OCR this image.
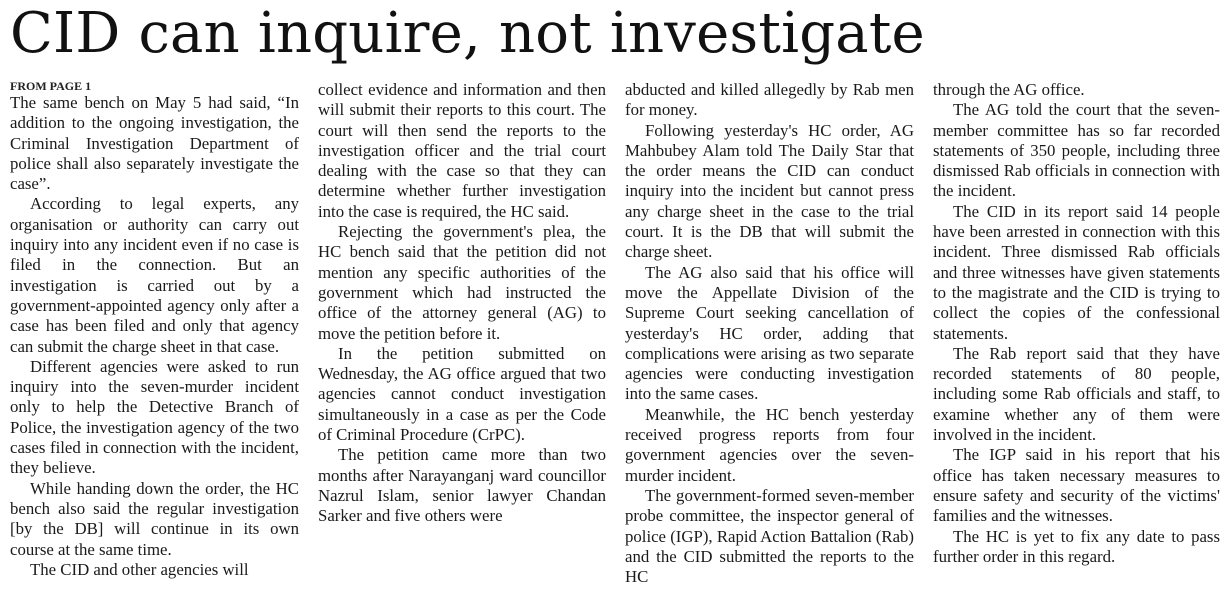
CID can inquire, not investigate
FROM PAGE 1

The same bench on May 5 had said, “In addition to the ongoing investigation, the Criminal Investigation Department of police shall also separately investigate the case”.

According to legal experts, any organisation or authority can carry out inquiry into any incident even if no case is filed in the connection. But an investigation is carried out by a government-appointed agency only after a case has been filed and only that agency can submit the charge sheet in that case.

Different agencies were asked to run inquiry into the seven-murder incident only to help the Detective Branch of Police, the investigation agency of the two cases filed in connection with the incident, they believe.

While handing down the order, the HC bench also said the regular investigation [by the DB] will continue in its own course at the same time.

The CID and other agencies will

collect evidence and information and then will submit their reports to this court. The court will then send the reports to the investigation officer and the trial court dealing with the case so that they can determine whether further investigation into the case is required, the HC said.

Rejecting the government's plea, the HC bench said that the petition did not mention any specific authorities of the government which had instructed the office of the attorney general (AG) to move the petition before it.

In the petition submitted on Wednesday, the AG office argued that two agencies cannot conduct investigation simultaneously in a case as per the Code of Criminal Procedure (CrPC).

The petition came more than two months after Narayanganj ward councillor Nazrul Islam, senior lawyer Chandan Sarker and five others were

abducted and killed allegedly by Rab men for money.

Following yesterday's HC order, AG Mahbubey Alam told The Daily Star that the order means the CID can conduct inquiry into the incident but cannot press any charge sheet in the case to the trial court. It is the DB that will submit the charge sheet.

The AG also said that his office will move the Appellate Division of the Supreme Court seeking cancellation of yesterday's HC order, adding that complications were arising as two separate agencies were conducting investigation into the same cases.

Meanwhile, the HC bench yesterday received progress reports from four government agencies over the seven-murder incident.

The government-formed seven-member probe committee, the inspector general of police (IGP), Rapid Action Battalion (Rab) and the CID submitted the reports to the HC

through the AG office.

The AG told the court that the seven-member committee has so far recorded statements of 350 people, including three dismissed Rab officials in connection with the incident.

The CID in its report said 14 people have been arrested in connection with this incident. Three dismissed Rab officials and three witnesses have given statements to the magistrate and the CID is trying to collect the copies of the confessional statements.

The Rab report said that they have recorded statements of 80 people, including some Rab officials and staff, to examine whether any of them were involved in the incident.

The IGP said in his report that his office has taken necessary measures to ensure safety and security of the victims' families and the witnesses.

The HC is yet to fix any date to pass further order in this regard.
